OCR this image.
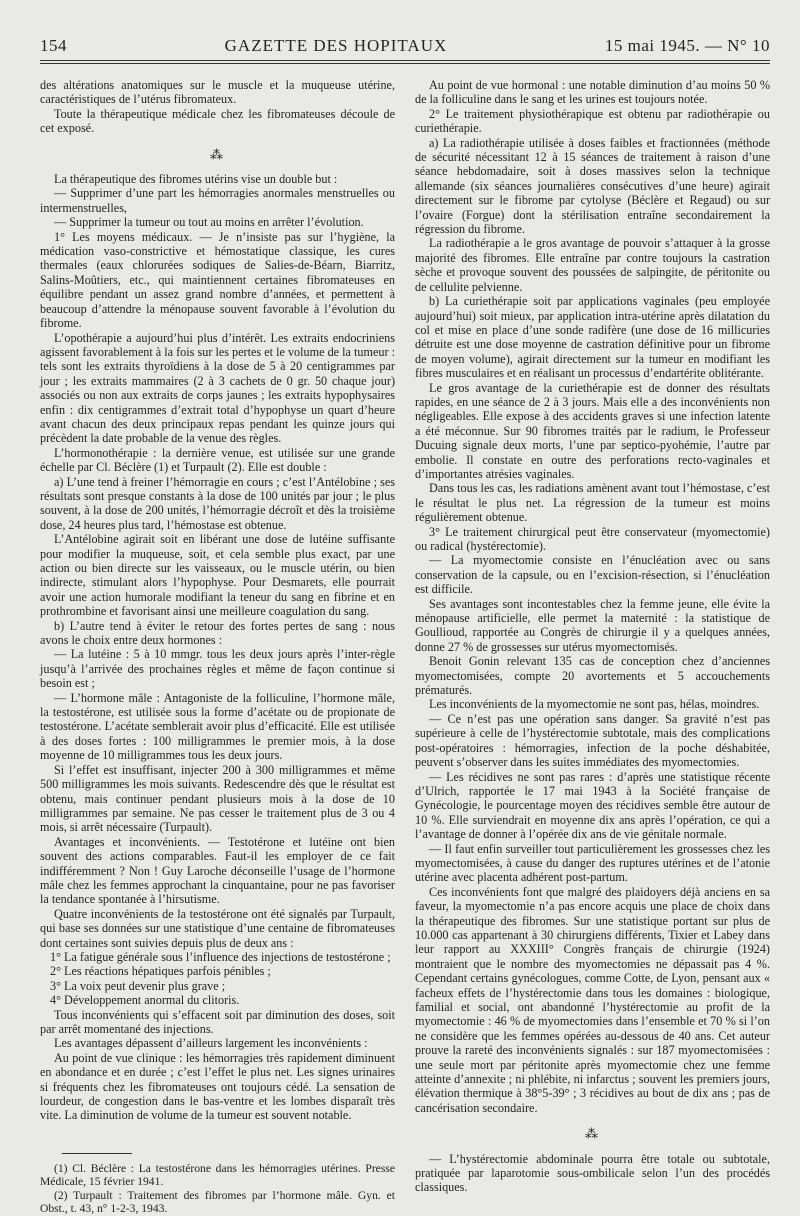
154	GAZETTE DES HOPITAUX	15 mai 1945. — N° 10

des altérations anatomiques sur le muscle et la muqueuse utérine, caractéristiques de l’utérus fibromateux.

Toute la thérapeutique médicale chez les fibromateuses découle de cet exposé.

⁂

La thérapeutique des fibromes utérins vise un double but :

— Supprimer d’une part les hémorragies anormales menstruelles ou intermenstruelles,

— Supprimer la tumeur ou tout au moins en arrêter l’évolution.

1° Les moyens médicaux. — Je n’insiste pas sur l’hygiène, la médication vaso-constrictive et hémostatique classique, les cures thermales (eaux chlorurées sodiques de Salies-de-Béarn, Biarritz, Salins-Moûtiers, etc., qui maintiennent certaines fibromateuses en équilibre pendant un assez grand nombre d’années, et permettent à beaucoup d’attendre la ménopause souvent favorable à l’évolution du fibrome.

L’opothérapie a aujourd’hui plus d’intérêt. Les extraits endocriniens agissent favorablement à la fois sur les pertes et le volume de la tumeur : tels sont les extraits thyroïdiens à la dose de 5 à 20 centigrammes par jour ; les extraits mammaires (2 à 3 cachets de 0 gr. 50 chaque jour) associés ou non aux extraits de corps jaunes ; les extraits hypophysaires enfin : dix centigrammes d’extrait total d’hypophyse un quart d’heure avant chacun des deux principaux repas pendant les quinze jours qui précèdent la date probable de la venue des règles.

L’hormonothérapie : la dernière venue, est utilisée sur une grande échelle par Cl. Béclère (1) et Turpault (2). Elle est double :

a) L’une tend à freiner l’hémorragie en cours ; c’est l’Antélobine ; ses résultats sont presque constants à la dose de 100 unités par jour ; le plus souvent, à la dose de 200 unités, l’hémorragie décroît et dès la troisième dose, 24 heures plus tard, l’hémostase est obtenue.

L’Antélobine agirait soit en libérant une dose de lutéine suffisante pour modifier la muqueuse, soit, et cela semble plus exact, par une action ou bien directe sur les vaisseaux, ou le muscle utérin, ou bien indirecte, stimulant alors l’hypophyse. Pour Desmarets, elle pourrait avoir une action humorale modifiant la teneur du sang en fibrine et en prothrombine et favorisant ainsi une meilleure coagulation du sang.

b) L’autre tend à éviter le retour des fortes pertes de sang : nous avons le choix entre deux hormones :

— La lutéine : 5 à 10 mmgr. tous les deux jours après l’inter-règle jusqu’à l’arrivée des prochaines règles et même de façon continue si besoin est ;

— L’hormone mâle : Antagoniste de la folliculine, l’hormone mâle, la testostérone, est utilisée sous la forme d’acétate ou de propionate de testostérone. L’acétate semblerait avoir plus d’efficacité. Elle est utilisée à des doses fortes : 100 milligrammes le premier mois, à la dose moyenne de 10 milligrammes tous les deux jours.

Si l’effet est insuffisant, injecter 200 à 300 milligrammes et même 500 milligrammes les mois suivants. Redescendre dès que le résultat est obtenu, mais continuer pendant plusieurs mois à la dose de 10 milligrammes par semaine. Ne pas cesser le traitement plus de 3 ou 4 mois, si arrêt nécessaire (Turpault).

Avantages et inconvénients. — Testotérone et lutéine ont bien souvent des actions comparables. Faut-il les employer de ce fait indifféremment ? Non ! Guy Laroche déconseille l’usage de l’hormone mâle chez les femmes approchant la cinquantaine, pour ne pas favoriser la tendance spontanée à l’hirsutisme.

Quatre inconvénients de la testostérone ont été signalés par Turpault, qui base ses données sur une statistique d’une centaine de fibromateuses dont certaines sont suivies depuis plus de deux ans :

1° La fatigue générale sous l’influence des injections de testostérone ;

2° Les réactions hépatiques parfois pénibles ;

3° La voix peut devenir plus grave ;

4° Développement anormal du clitoris.

Tous inconvénients qui s’effacent soit par diminution des doses, soit par arrêt momentané des injections.

Les avantages dépassent d’ailleurs largement les inconvénients :

Au point de vue clinique : les hémorragies très rapidement diminuent en abondance et en durée ; c’est l’effet le plus net. Les signes urinaires si fréquents chez les fibromateuses ont toujours cédé. La sensation de lourdeur, de congestion dans le bas-ventre et les lombes disparaît très vite. La diminution de volume de la tumeur est souvent notable.

(1) Cl. Béclère : La testostérone dans les hémorragies utérines. Presse Médicale, 15 février 1941.

(2) Turpault : Traitement des fibromes par l’hormone mâle. Gyn. et Obst., t. 43, n° 1-2-3, 1943.

Au point de vue hormonal : une notable diminution d’au moins 50 % de la folliculine dans le sang et les urines est toujours notée.

2° Le traitement physiothérapique est obtenu par radiothérapie ou curiethérapie.

a) La radiothérapie utilisée à doses faibles et fractionnées (méthode de sécurité nécessitant 12 à 15 séances de traitement à raison d’une séance hebdomadaire, soit à doses massives selon la technique allemande (six séances journalières consécutives d’une heure) agirait directement sur le fibrome par cytolyse (Béclère et Regaud) ou sur l’ovaire (Forgue) dont la stérilisation entraîne secondairement la régression du fibrome.

La radiothérapie a le gros avantage de pouvoir s’attaquer à la grosse majorité des fibromes. Elle entraîne par contre toujours la castration sèche et provoque souvent des poussées de salpingite, de péritonite ou de cellulite pelvienne.

b) La curiethérapie soit par applications vaginales (peu employée aujourd’hui) soit mieux, par application intra-utérine après dilatation du col et mise en place d’une sonde radifère (une dose de 16 millicuries détruite est une dose moyenne de castration définitive pour un fibrome de moyen volume), agirait directement sur la tumeur en modifiant les fibres musculaires et en réalisant un processus d’endartérite oblitérante.

Le gros avantage de la curiethérapie est de donner des résultats rapides, en une séance de 2 à 3 jours. Mais elle a des inconvénients non négligeables. Elle expose à des accidents graves si une infection latente a été méconnue. Sur 90 fibromes traités par le radium, le Professeur Ducuing signale deux morts, l’une par septico-pyohémie, l’autre par embolie. Il constate en outre des perforations recto-vaginales et d’importantes atrésies vaginales.

Dans tous les cas, les radiations amènent avant tout l’hémostase, c’est le résultat le plus net. La régression de la tumeur est moins régulièrement obtenue.

3° Le traitement chirurgical peut être conservateur (myomectomie) ou radical (hystérectomie).

— La myomectomie consiste en l’énucléation avec ou sans conservation de la capsule, ou en l’excision-résection, si l’énucléation est difficile.

Ses avantages sont incontestables chez la femme jeune, elle évite la ménopause artificielle, elle permet la maternité : la statistique de Goullioud, rapportée au Congrès de chirurgie il y a quelques années, donne 27 % de grossesses sur utérus myomectomisés.

Benoit Gonin relevant 135 cas de conception chez d’anciennes myomectomisées, compte 20 avortements et 5 accouchements prématurés.

Les inconvénients de la myomectomie ne sont pas, hélas, moindres.

— Ce n’est pas une opération sans danger. Sa gravité n’est pas supérieure à celle de l’hystérectomie subtotale, mais des complications post-opératoires : hémorragies, infection de la poche déshabitée, peuvent s’observer dans les suites immédiates des myomectomies.

— Les récidives ne sont pas rares : d’après une statistique récente d’Ulrich, rapportée le 17 mai 1943 à la Société française de Gynécologie, le pourcentage moyen des récidives semble être autour de 10 %. Elle surviendrait en moyenne dix ans après l’opération, ce qui a l’avantage de donner à l’opérée dix ans de vie génitale normale.

— Il faut enfin surveiller tout particulièrement les grossesses chez les myomectomisées, à cause du danger des ruptures utérines et de l’atonie utérine avec placenta adhérent post-partum.

Ces inconvénients font que malgré des plaidoyers déjà anciens en sa faveur, la myomectomie n’a pas encore acquis une place de choix dans la thérapeutique des fibromes. Sur une statistique portant sur plus de 10.000 cas appartenant à 30 chirurgiens différents, Tixier et Labey dans leur rapport au XXXIII° Congrès français de chirurgie (1924) montraient que le nombre des myomectomies ne dépassait pas 4 %. Cependant certains gynécologues, comme Cotte, de Lyon, pensant aux « facheux effets de l’hystérectomie dans tous les domaines : biologique, familial et social, ont abandonné l’hystérectomie au profit de la myomectomie : 46 % de myomectomies dans l’ensemble et 70 % si l’on ne considère que les femmes opérées au-dessous de 40 ans. Cet auteur prouve la rareté des inconvénients signalés : sur 187 myomectomisées : une seule mort par péritonite après myomectomie chez une femme atteinte d’annexite ; ni phlébite, ni infarctus ; souvent les premiers jours, élévation thermique à 38°5-39° ; 3 récidives au bout de dix ans ; pas de cancérisation secondaire.

⁂

— L’hystérectomie abdominale pourra être totale ou subtotale, pratiquée par laparotomie sous-ombilicale selon l’un des procédés classiques.
